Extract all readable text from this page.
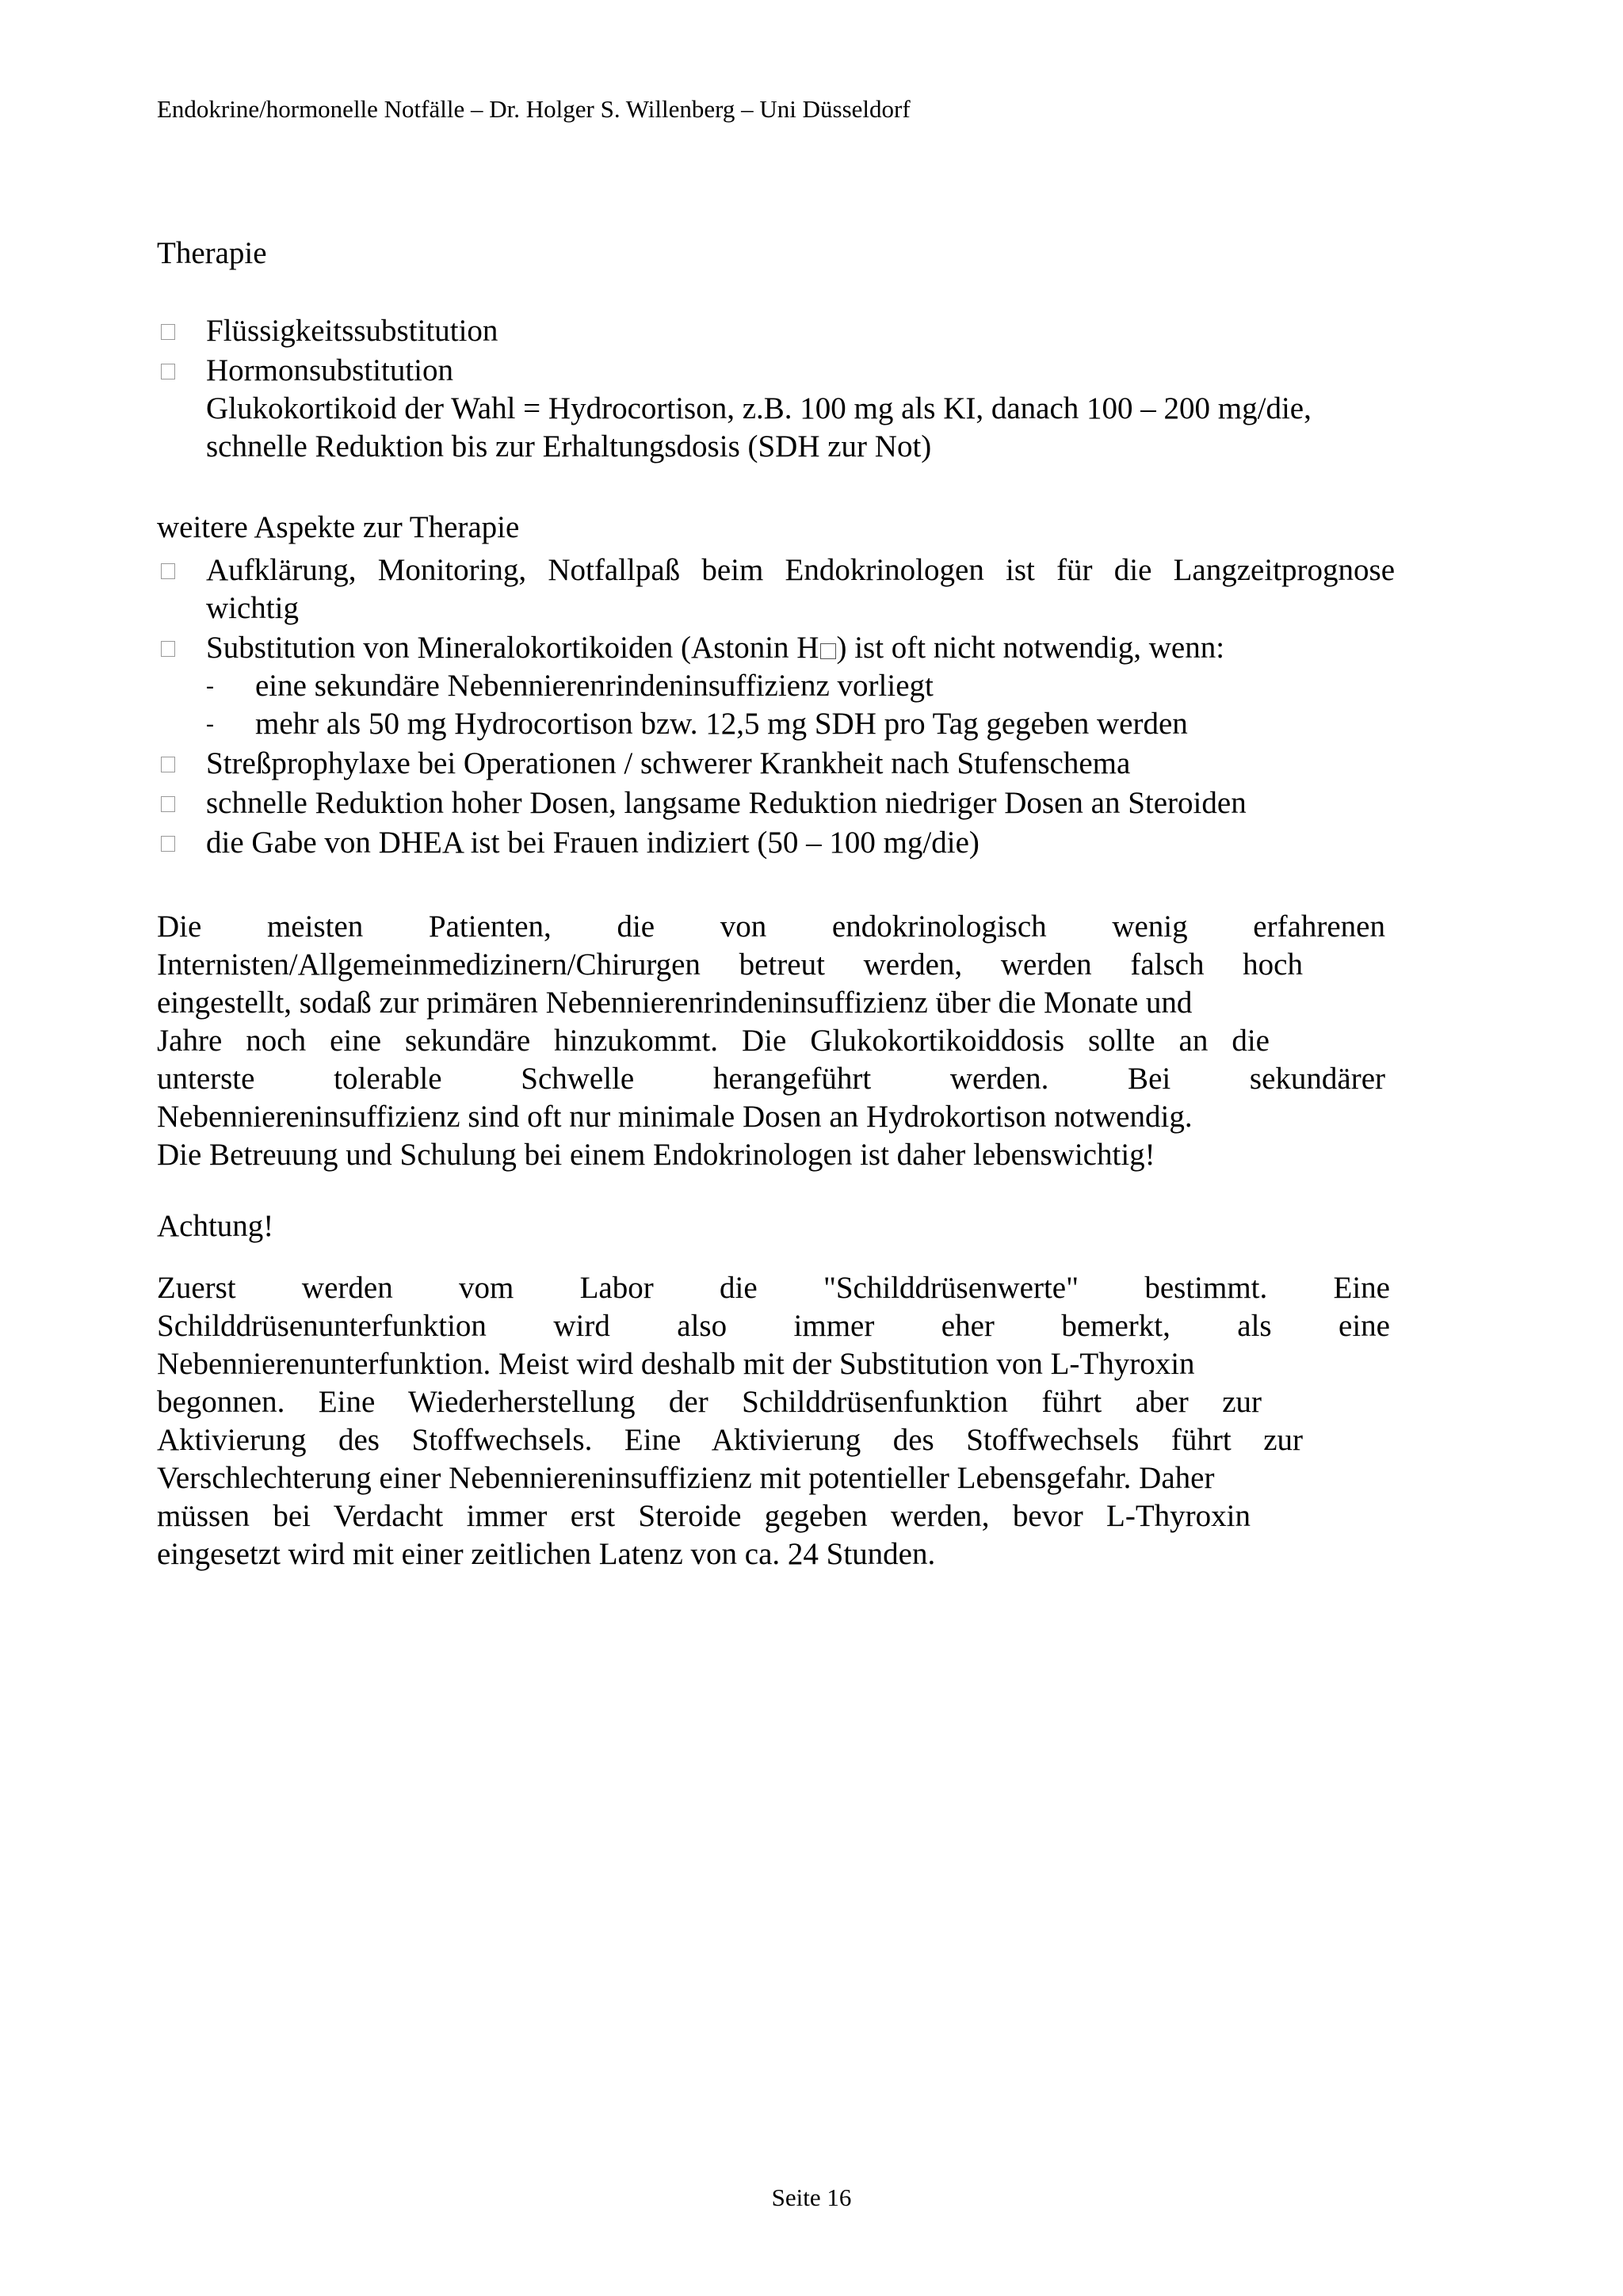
Endokrine/hormonelle Notfälle – Dr. Holger S. Willenberg – Uni Düsseldorf
Therapie
Flüssigkeitssubstitution
Hormonsubstitution
Glukokortikoid der Wahl = Hydrocortison, z.B. 100 mg als KI, danach 100 – 200 mg/die, schnelle Reduktion bis zur Erhaltungsdosis (SDH zur Not)
weitere Aspekte zur Therapie
Aufklärung, Monitoring, Notfallpaß beim Endokrinologen ist für die Langzeitprognose wichtig
Substitution von Mineralokortikoiden (Astonin H ) ist oft nicht notwendig, wenn:
- eine sekundäre Nebennierenrindeninsuffizienz vorliegt
- mehr als 50 mg Hydrocortison bzw. 12,5 mg SDH pro Tag gegeben werden
Streßprophylaxe bei Operationen / schwerer Krankheit nach Stufenschema
schnelle Reduktion hoher Dosen, langsame Reduktion niedriger Dosen an Steroiden
die Gabe von DHEA ist bei Frauen indiziert (50 – 100 mg/die)
Die meisten Patienten, die von endokrinologisch wenig erfahrenen
Internisten/Allgemeinmedizinern/Chirurgen betreut werden, werden falsch hoch
eingestellt, sodaß zur primären Nebennierenrindeninsuffizienz über die Monate und
Jahre noch eine sekundäre hinzukommt. Die Glukokortikoiddosis sollte an die
unterste tolerable Schwelle herangeführt werden. Bei sekundärer
Nebenniereninsuffizienz sind oft nur minimale Dosen an Hydrokortison notwendig.
Die Betreuung und Schulung bei einem Endokrinologen ist daher lebenswichtig!
Achtung!
Zuerst werden vom Labor die "Schilddrüsenwerte" bestimmt. Eine
Schilddrüsenunterfunktion wird also immer eher bemerkt, als eine
Nebennierenunterfunktion. Meist wird deshalb mit der Substitution von L-Thyroxin
begonnen. Eine Wiederherstellung der Schilddrüsenfunktion führt aber zur
Aktivierung des Stoffwechsels. Eine Aktivierung des Stoffwechsels führt zur
Verschlechterung einer Nebenniereninsuffizienz mit potentieller Lebensgefahr. Daher
müssen bei Verdacht immer erst Steroide gegeben werden, bevor L-Thyroxin
eingesetzt wird mit einer zeitlichen Latenz von ca. 24 Stunden.
Seite 16
